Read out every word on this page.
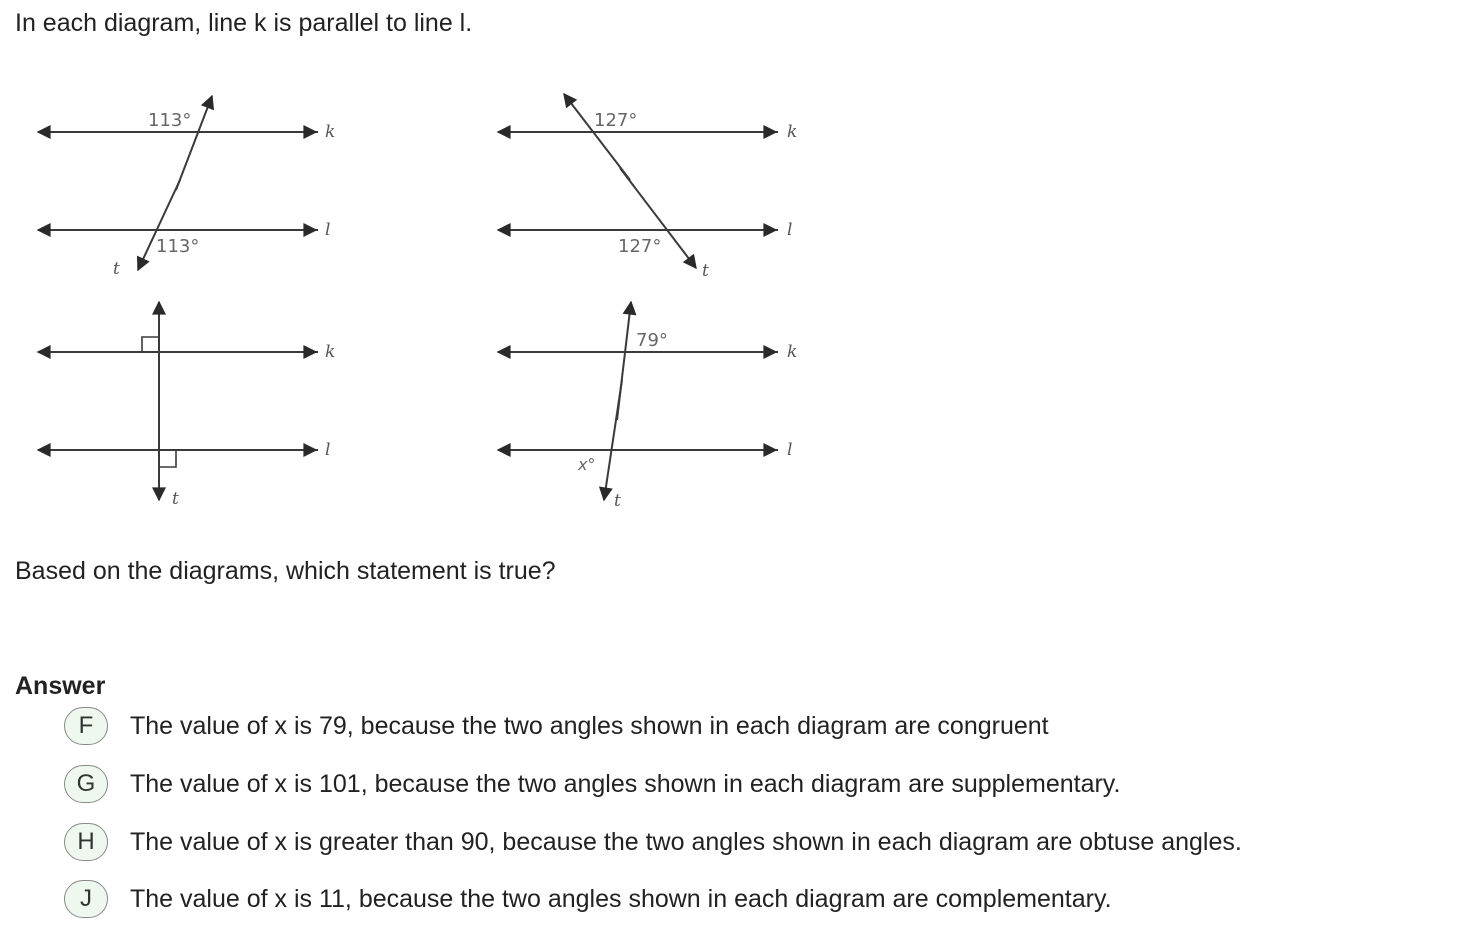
In each diagram, line k is parallel to line l.

113°
113°
k
l
t
127°
127°
k
l
t
k
l
t
79°
x°
k
l
t

Based on the diagrams, which statement is true?

Answer

F	The value of x is 79, because the two angles shown in each diagram are congruent
G	The value of x is 101, because the two angles shown in each diagram are supplementary.
H	The value of x is greater than 90, because the two angles shown in each diagram are obtuse angles.
J	The value of x is 11, because the two angles shown in each diagram are complementary.
